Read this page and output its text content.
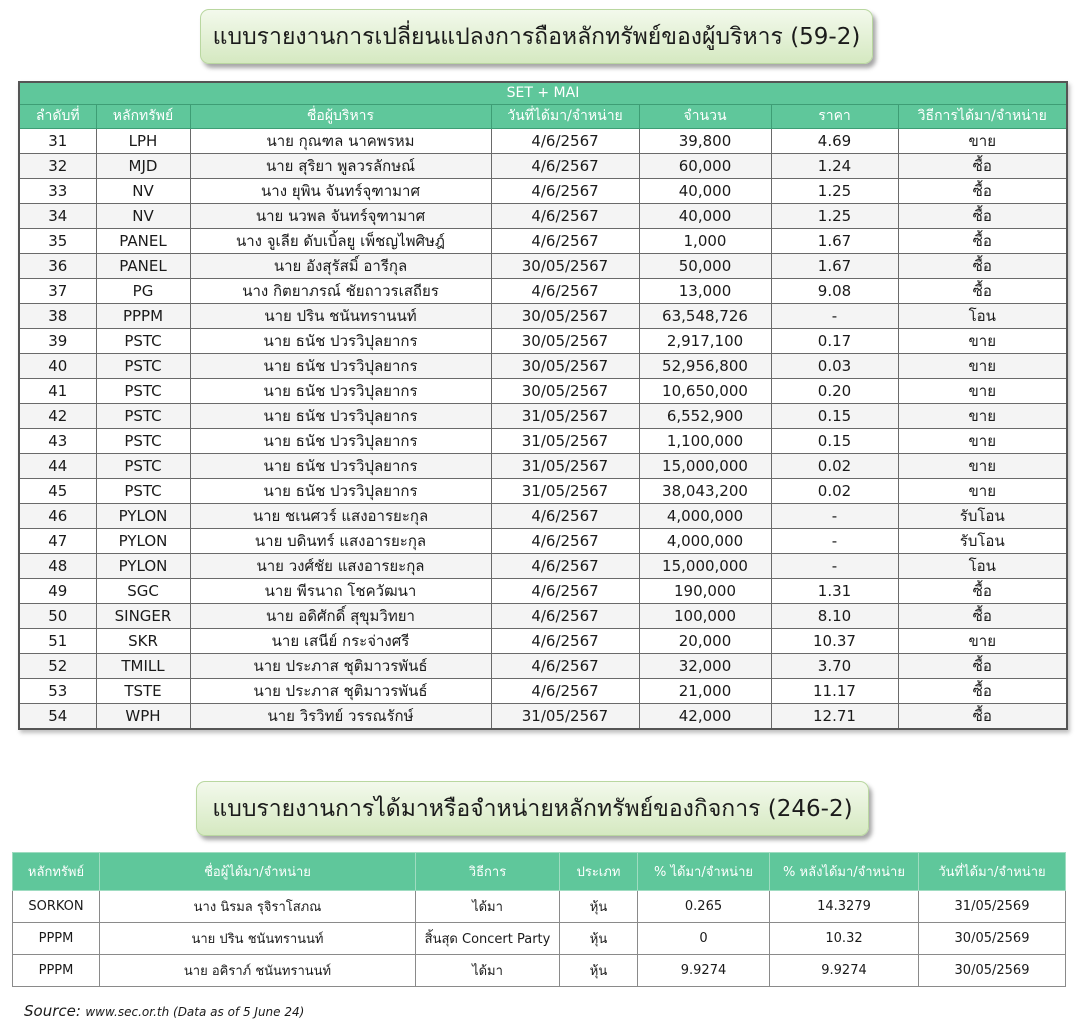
แบบรายงานการเปลี่ยนแปลงการถือหลักทรัพย์ของผู้บริหาร (59-2)
SET + MAI						
ลำดับที่	หลักทรัพย์	ชื่อผู้บริหาร	วันที่ได้มา/จำหน่าย	จำนวน	ราคา	วิธีการได้มา/จำหน่าย
31	LPH	นาย กุณฑล นาคพรหม	4/6/2567	39,800	4.69	ขาย
32	MJD	นาย สุริยา พูลวรลักษณ์	4/6/2567	60,000	1.24	ซื้อ
33	NV	นาง ยุพิน จันทร์จุฑามาศ	4/6/2567	40,000	1.25	ซื้อ
34	NV	นาย นวพล จันทร์จุฑามาศ	4/6/2567	40,000	1.25	ซื้อ
35	PANEL	นาง จูเลีย ดับเบิ้ลยู เพ็ชญไพศิษฎ์	4/6/2567	1,000	1.67	ซื้อ
36	PANEL	นาย อังสุรัสมิ์ อารีกุล	30/05/2567	50,000	1.67	ซื้อ
37	PG	นาง กิตยาภรณ์ ชัยถาวรเสถียร	4/6/2567	13,000	9.08	ซื้อ
38	PPPM	นาย ปริน ชนันทรานนท์	30/05/2567	63,548,726	-	โอน
39	PSTC	นาย ธนัช ปวรวิปุลยากร	30/05/2567	2,917,100	0.17	ขาย
40	PSTC	นาย ธนัช ปวรวิปุลยากร	30/05/2567	52,956,800	0.03	ขาย
41	PSTC	นาย ธนัช ปวรวิปุลยากร	30/05/2567	10,650,000	0.20	ขาย
42	PSTC	นาย ธนัช ปวรวิปุลยากร	31/05/2567	6,552,900	0.15	ขาย
43	PSTC	นาย ธนัช ปวรวิปุลยากร	31/05/2567	1,100,000	0.15	ขาย
44	PSTC	นาย ธนัช ปวรวิปุลยากร	31/05/2567	15,000,000	0.02	ขาย
45	PSTC	นาย ธนัช ปวรวิปุลยากร	31/05/2567	38,043,200	0.02	ขาย
46	PYLON	นาย ชเนศวร์ แสงอารยะกุล	4/6/2567	4,000,000	-	รับโอน
47	PYLON	นาย บดินทร์ แสงอารยะกุล	4/6/2567	4,000,000	-	รับโอน
48	PYLON	นาย วงศ์ชัย แสงอารยะกุล	4/6/2567	15,000,000	-	โอน
49	SGC	นาย พีรนาถ โชควัฒนา	4/6/2567	190,000	1.31	ซื้อ
50	SINGER	นาย อดิศักดิ์ สุขุมวิทยา	4/6/2567	100,000	8.10	ซื้อ
51	SKR	นาย เสนีย์ กระจ่างศรี	4/6/2567	20,000	10.37	ขาย
52	TMILL	นาย ประภาส ชุติมาวรพันธ์	4/6/2567	32,000	3.70	ซื้อ
53	TSTE	นาย ประภาส ชุติมาวรพันธ์	4/6/2567	21,000	11.17	ซื้อ
54	WPH	นาย วิรวิทย์ วรรณรักษ์	31/05/2567	42,000	12.71	ซื้อ
แบบรายงานการได้มาหรือจำหน่ายหลักทรัพย์ของกิจการ (246-2)
หลักทรัพย์	ชื่อผู้ได้มา/จำหน่าย	วิธีการ	ประเภท	% ได้มา/จำหน่าย	% หลังได้มา/จำหน่าย	วันที่ได้มา/จำหน่าย
SORKON	นาง นิรมล รุจิราโสภณ	ได้มา	หุ้น	0.265	14.3279	31/05/2569
PPPM	นาย ปริน ชนันทรานนท์	สิ้นสุด Concert Party	หุ้น	0	10.32	30/05/2569
PPPM	นาย อคิราภ์ ชนันทรานนท์	ได้มา	หุ้น	9.9274	9.9274	30/05/2569
Source: www.sec.or.th (Data as of 5 June 24)
